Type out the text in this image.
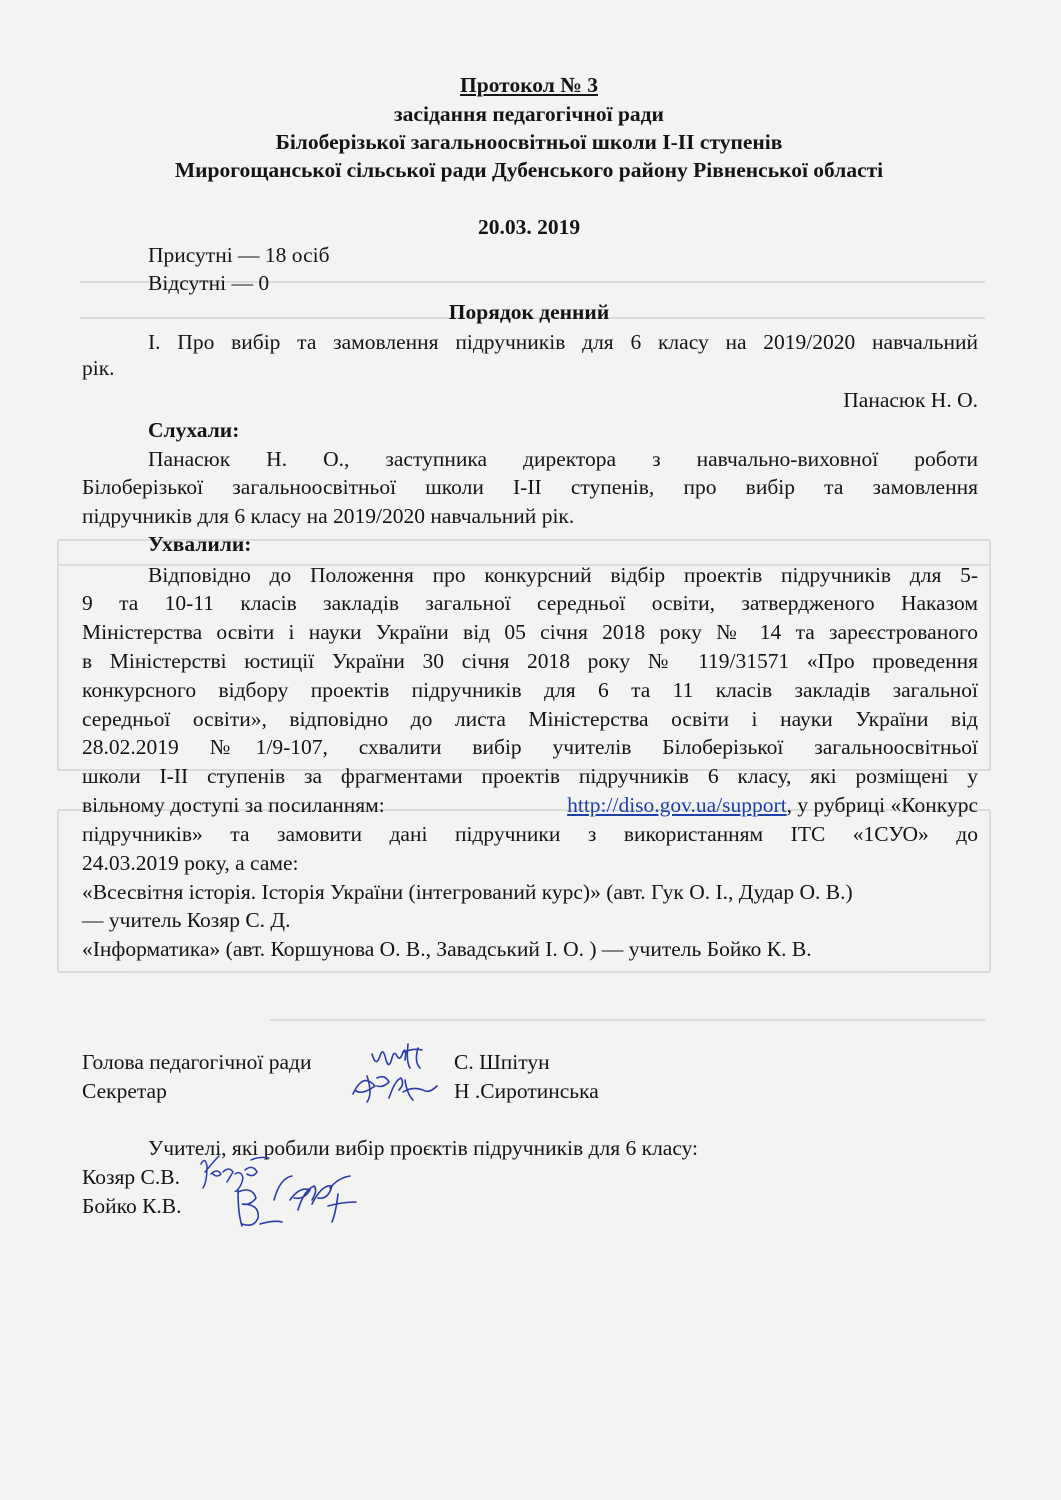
Протокол № 3
засідання педагогічної ради
Білоберізької загальноосвітньої школи І-ІІ ступенів
Мирогощанської сільської ради Дубенського району Рівненської області
20.03. 2019
Присутні — 18 осіб
Відсутні — 0
Порядок денний
І. Про вибір та замовлення підручників для 6 класу на 2019/2020 навчальний
рік.
Панасюк Н. О.
Слухали:
Панасюк Н. О., заступника директора з навчально-виховної роботи
Білоберізької загальноосвітньої школи І-ІІ ступенів, про вибір та замовлення
підручників для 6 класу на 2019/2020 навчальний рік.
Ухвалили:
Відповідно до Положення про конкурсний відбір проектів підручників для 5-
9 та 10-11 класів закладів загальної середньої освіти, затвердженого Наказом
Міністерства освіти і науки України від 05 січня 2018 року № 14 та зареєстрованого
в Міністерстві юстиції України 30 січня 2018 року № 119/31571 «Про проведення
конкурсного відбору проектів підручників для 6 та 11 класів закладів загальної
середньої освіти», відповідно до листа Міністерства освіти і науки України від
28.02.2019 №1/9-107, схвалити вибір учителів Білоберізької загальноосвітньої
школи І-ІІ ступенів за фрагментами проектів підручників 6 класу, які розміщені у
вільному доступі за посиланням:	http://diso.gov.ua/support, у рубриці «Конкурс
підручників» та замовити дані підручники з використанням ІТС «1СУО» до
24.03.2019 року, а саме:
«Всесвітня історія. Історія України (інтегрований курс)» (авт. Гук О. І., Дудар О. В.)
— учитель Козяр С. Д.
«Інформатика» (авт. Коршунова О. В., Завадський І. О. ) — учитель Бойко К. В.
Голова педагогічної ради	С. Шпітун
Секретар	Н .Сиротинська
Учителі, які робили вибір проєктів підручників для 6 класу:
Козяр С.В.
Бойко К.В.
